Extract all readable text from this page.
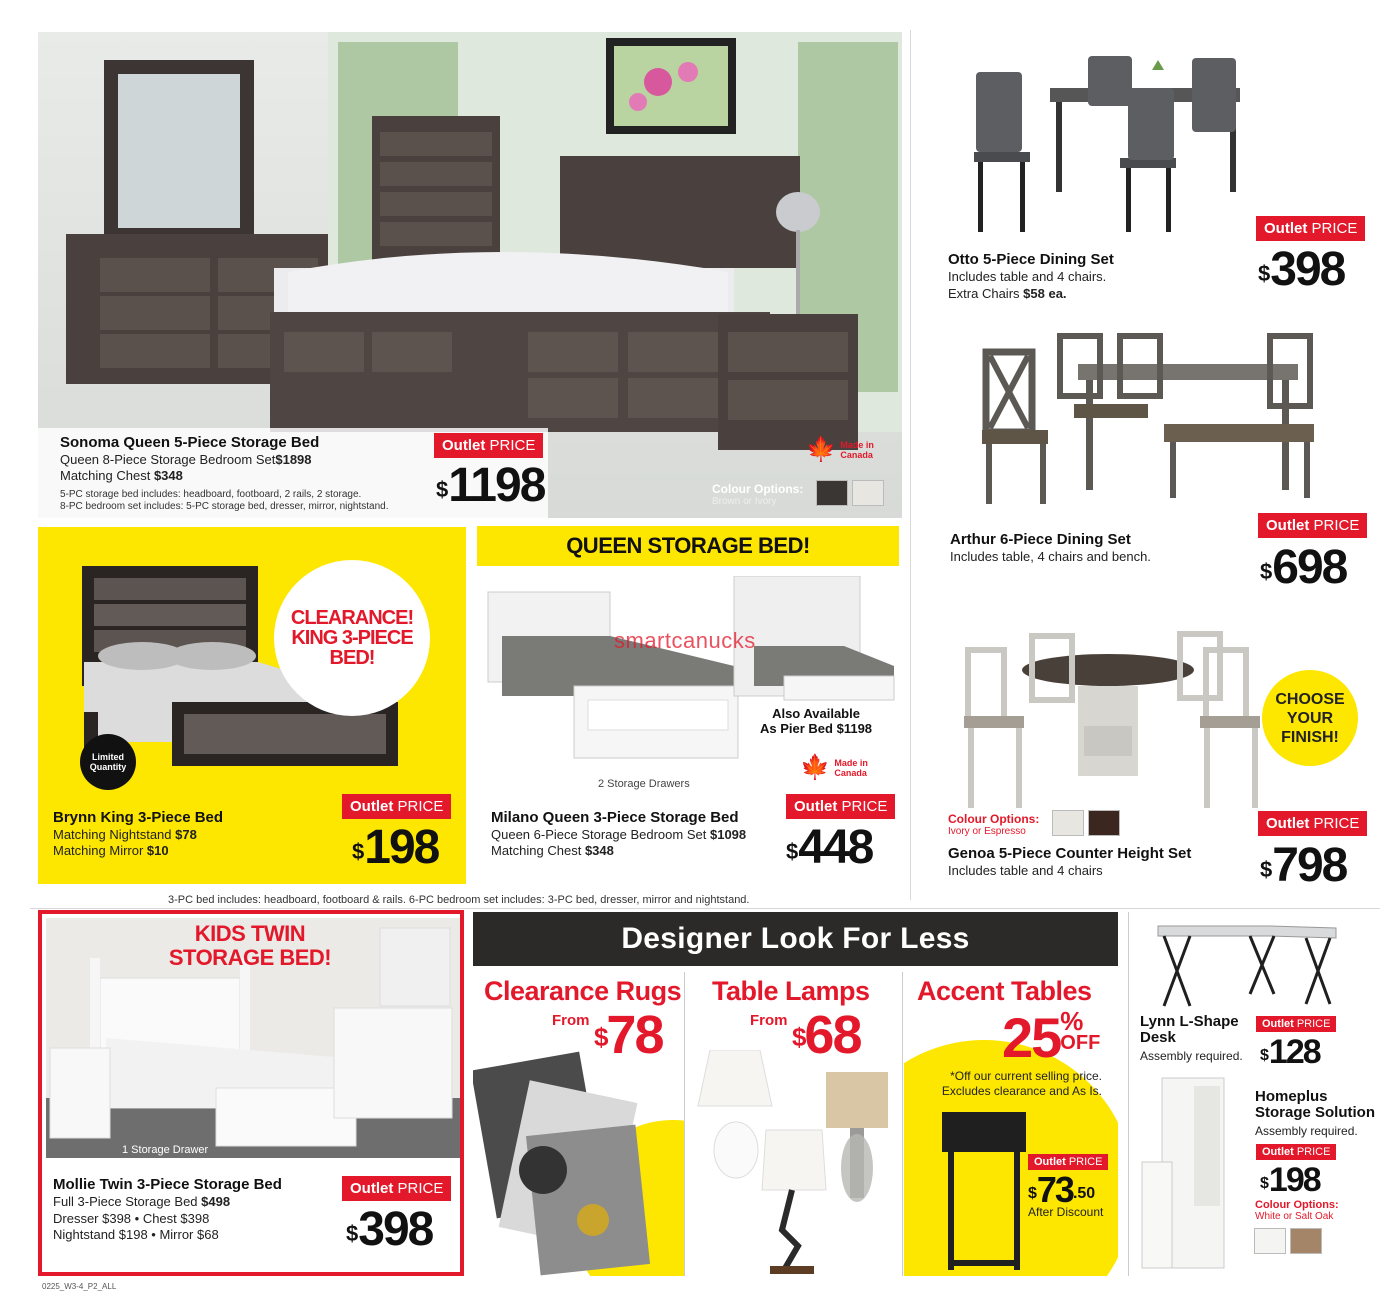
Sonoma Queen 5-Piece Storage Bed
Queen 8-Piece Storage Bedroom Set$1898
Matching Chest $348
5-PC storage bed includes: headboard, footboard, 2 rails, 2 storage.
8-PC bedroom set includes: 5-PC storage bed, dresser, mirror, nightstand.
Outlet PRICE
$1198
🍁 Made in Canada
Colour Options:
Brown or Ivory
Outlet PRICE
Otto 5-Piece Dining Set
Includes table and 4 chairs.
Extra Chairs $58 ea.
$398
Outlet PRICE
Arthur 6-Piece Dining Set
Includes table, 4 chairs and bench.
$698
CHOOSE YOUR FINISH!
Colour Options:
Ivory or Espresso	Outlet PRICE
Genoa 5-Piece Counter Height Set
Includes table and 4 chairs	$798
CLEARANCE! KING 3-PIECE BED!
Limited Quantity
Brynn King 3-Piece Bed
Matching Nightstand $78
Matching Mirror $10
Outlet PRICE
$198
QUEEN STORAGE BED!
smartcanucks
Also Available
As Pier Bed $1198
2 Storage Drawers
🍁 Made in Canada
Milano Queen 3-Piece Storage Bed
Queen 6-Piece Storage Bedroom Set $1098
Matching Chest $348
Outlet PRICE
$448
3-PC bed includes: headboard, footboard & rails. 6-PC bedroom set includes: 3-PC bed, dresser, mirror and nightstand.
KIDS TWIN
STORAGE BED!
1 Storage Drawer
Mollie Twin 3-Piece Storage Bed
Full 3-Piece Storage Bed $498
Dresser $398 • Chest $398
Nightstand $198 • Mirror $68
Outlet PRICE
$398
0225_W3-4_P2_ALL
Designer Look For Less
Clearance Rugs
From $78
Table Lamps
From $68
Accent Tables
25 %
OFF
*Off our current selling price.
Excludes clearance and As Is.
Outlet PRICE
$^{\$}73^{.50}$
After Discount
Lynn L-Shape Desk
Assembly required.
Outlet PRICE
$128
Homeplus Storage Solution
Assembly required.
Outlet PRICE
$198
Colour Options:
White or Salt Oak
